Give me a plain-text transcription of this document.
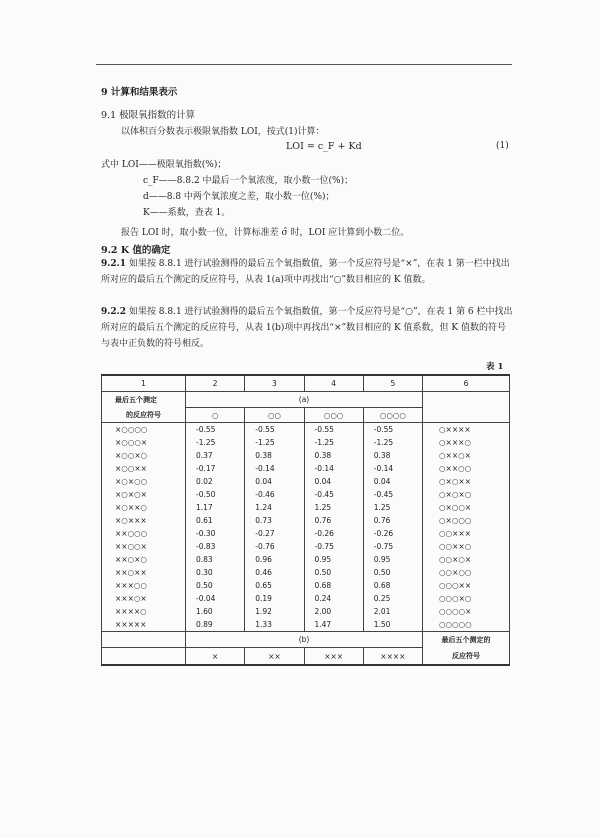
9 计算和结果表示
9.1 极限氧指数的计算
以体积百分数表示极限氧指数 LOI，按式(1)计算：
LOI = c_F + Kd	(1)
式中 LOI——极限氧指数(%)；
c_F——8.8.2 中最后一个氧浓度，取小数一位(%)；
d——8.8 中两个氧浓度之差，取小数一位(%)；
K——系数，查表 1。
报告 LOI 时，取小数一位，计算标准差 σ̂ 时，LOI 应计算到小数二位。
9.2 K 值的确定
9.2.1 如果按 8.8.1 进行试验测得的最后五个氧指数值，第一个反应符号是“×”，在表 1 第一栏中找出所对应的最后五个测定的反应符号，从表 1(a)项中再找出“○”数目相应的 K 值数。
9.2.2 如果按 8.8.1 进行试验测得的最后五个氧指数值，第一个反应符号是“○”，在表 1 第 6 栏中找出所对应的最后五个测定的反应符号，从表 1(b)项中再找出“×”数目相应的 K 值系数，但 K 值数的符号与表中正负数的符号相反。
表 1
1	2	3	4	5	6
最后五个测定	(a)				
的反应符号	○	○○	○○○	○○○○	
×○○○○	-0.55	-0.55	-0.55	-0.55	○××××
×○○○×	-1.25	-1.25	-1.25	-1.25	○×××○
×○○×○	0.37	0.38	0.38	0.38	○××○×
×○○××	-0.17	-0.14	-0.14	-0.14	○××○○
×○×○○	0.02	0.04	0.04	0.04	○×○××
×○×○×	-0.50	-0.46	-0.45	-0.45	○×○×○
×○××○	1.17	1.24	1.25	1.25	○×○○×
×○×××	0.61	0.73	0.76	0.76	○×○○○
××○○○	-0.30	-0.27	-0.26	-0.26	○○×××
××○○×	-0.83	-0.76	-0.75	-0.75	○○××○
××○×○	0.83	0.96	0.95	0.95	○○×○×
××○××	0.30	0.46	0.50	0.50	○○×○○
×××○○	0.50	0.65	0.68	0.68	○○○××
×××○×	-0.04	0.19	0.24	0.25	○○○×○
××××○	1.60	1.92	2.00	2.01	○○○○×
×××××	0.89	1.33	1.47	1.50	○○○○○
	(b)				最后五个测定的
	×	××	×××	××××	反应符号
